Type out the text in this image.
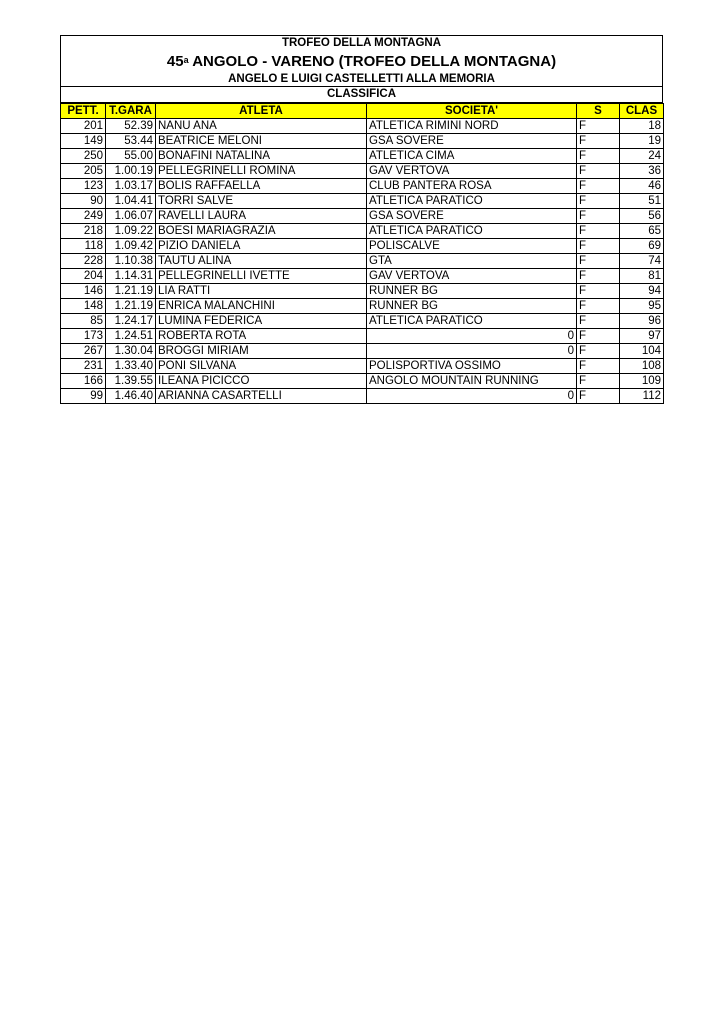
TROFEO DELLA MONTAGNA
45$^a$ ANGOLO - VARENO (TROFEO DELLA MONTAGNA)
ANGELO E LUIGI CASTELLETTI ALLA MEMORIA
CLASSIFICA
PETT.	T.GARA	ATLETA	SOCIETA'	S	CLAS
201	52.39	NANU ANA	ATLETICA RIMINI NORD	F	18
149	53.44	BEATRICE MELONI	GSA SOVERE	F	19
250	55.00	BONAFINI NATALINA	ATLETICA CIMA	F	24
205	1.00.19	PELLEGRINELLI ROMINA	GAV VERTOVA	F	36
123	1.03.17	BOLIS RAFFAELLA	CLUB PANTERA ROSA	F	46
90	1.04.41	TORRI SALVE	ATLETICA PARATICO	F	51
249	1.06.07	RAVELLI LAURA	GSA SOVERE	F	56
218	1.09.22	BOESI MARIAGRAZIA	ATLETICA PARATICO	F	65
118	1.09.42	PIZIO DANIELA	POLISCALVE	F	69
228	1.10.38	TAUTU ALINA	GTA	F	74
204	1.14.31	PELLEGRINELLI IVETTE	GAV VERTOVA	F	81
146	1.21.19	LIA RATTI	RUNNER BG	F	94
148	1.21.19	ENRICA MALANCHINI	RUNNER BG	F	95
85	1.24.17	LUMINA FEDERICA	ATLETICA PARATICO	F	96
173	1.24.51	ROBERTA ROTA	0	F	97
267	1.30.04	BROGGI MIRIAM	0	F	104
231	1.33.40	PONI SILVANA	POLISPORTIVA OSSIMO	F	108
166	1.39.55	ILEANA PICICCO	ANGOLO MOUNTAIN RUNNING	F	109
99	1.46.40	ARIANNA CASARTELLI	0	F	112
